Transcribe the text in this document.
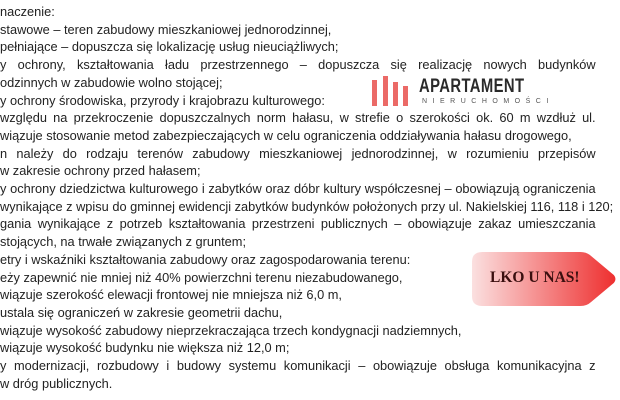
naczenie:
stawowe – teren zabudowy mieszkaniowej jednorodzinnej,
pełniające – dopuszcza się lokalizację usług nieuciążliwych;
y ochrony, kształtowania ładu przestrzennego – dopuszcza się realizację nowych budynków
odzinnych w zabudowie wolno stojącej;
y ochrony środowiska, przyrody i krajobrazu kulturowego:
względu na przekroczenie dopuszczalnych norm hałasu, w strefie o szerokości ok. 60 m wzdłuż ul.
wiązuje stosowanie metod zabezpieczających w celu ograniczenia oddziaływania hałasu drogowego,
n należy do rodzaju terenów zabudowy mieszkaniowej jednorodzinnej, w rozumieniu przepisów
w zakresie ochrony przed hałasem;
y ochrony dziedzictwa kulturowego i zabytków oraz dóbr kultury współczesnej – obowiązują ograniczenia
wynikające z wpisu do gminnej ewidencji zabytków budynków położonych przy ul. Nakielskiej 116, 118 i 120;
gania wynikające z potrzeb kształtowania przestrzeni publicznych – obowiązuje zakaz umieszczania
stojących, na trwałe związanych z gruntem;
etry i wskaźniki kształtowania zabudowy oraz zagospodarowania terenu:
eży zapewnić nie mniej niż 40% powierzchni terenu niezabudowanego,
wiązuje szerokość elewacji frontowej nie mniejsza niż 6,0 m,
ustala się ograniczeń w zakresie geometrii dachu,
wiązuje wysokość zabudowy nieprzekraczająca trzech kondygnacji nadziemnych,
wiązuje wysokość budynku nie większa niż 12,0 m;
y modernizacji, rozbudowy i budowy systemu komunikacji – obowiązuje obsługa komunikacyjna z
w dróg publicznych.
APARTAMENT
NIERUCHOMOŚCI
LKO U NAS!
